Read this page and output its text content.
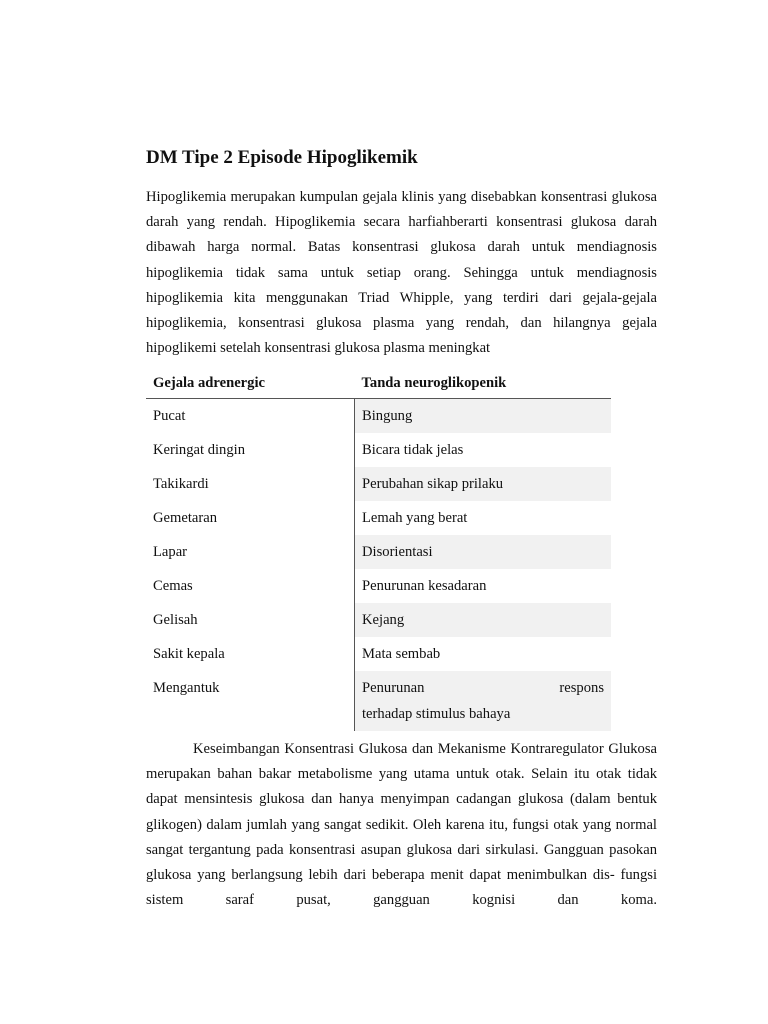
DM Tipe 2 Episode Hipoglikemik

Hipoglikemia merupakan kumpulan gejala klinis yang disebabkan konsentrasi glukosa darah yang rendah. Hipoglikemia secara harfiahberarti konsentrasi glukosa darah dibawah harga normal. Batas konsentrasi glukosa darah untuk mendiagnosis hipoglikemia tidak sama untuk setiap orang. Sehingga untuk mendiagnosis hipoglikemia kita menggunakan Triad Whipple, yang terdiri dari gejala-gejala hipoglikemia, konsentrasi glukosa plasma yang rendah, dan hilangnya gejala hipoglikemi setelah konsentrasi glukosa plasma meningkat

Gejala adrenergic	Tanda neuroglikopenik
Pucat	Bingung

Keringat dingin	Bicara tidak jelas

Takikardi	Perubahan sikap prilaku

Gemetaran	Lemah yang berat

Lapar	Disorientasi

Cemas	Penurunan kesadaran

Gelisah	Kejang

Sakit kepala	Mata sembab

Mengantuk	Penurunan respons
terhadap stimulus bahaya

Keseimbangan Konsentrasi Glukosa dan Mekanisme Kontraregulator Glukosa merupakan bahan bakar metabolisme yang utama untuk otak. Selain itu otak tidak dapat mensintesis glukosa dan hanya menyimpan cadangan glukosa (dalam bentuk glikogen) dalam jumlah yang sangat sedikit. Oleh karena itu, fungsi otak yang normal sangat tergantung pada konsentrasi asupan glukosa dari sirkulasi. Gangguan pasokan glukosa yang berlangsung lebih dari beberapa menit dapat menimbulkan dis- fungsi sistem saraf pusat, gangguan kognisi dan koma.
